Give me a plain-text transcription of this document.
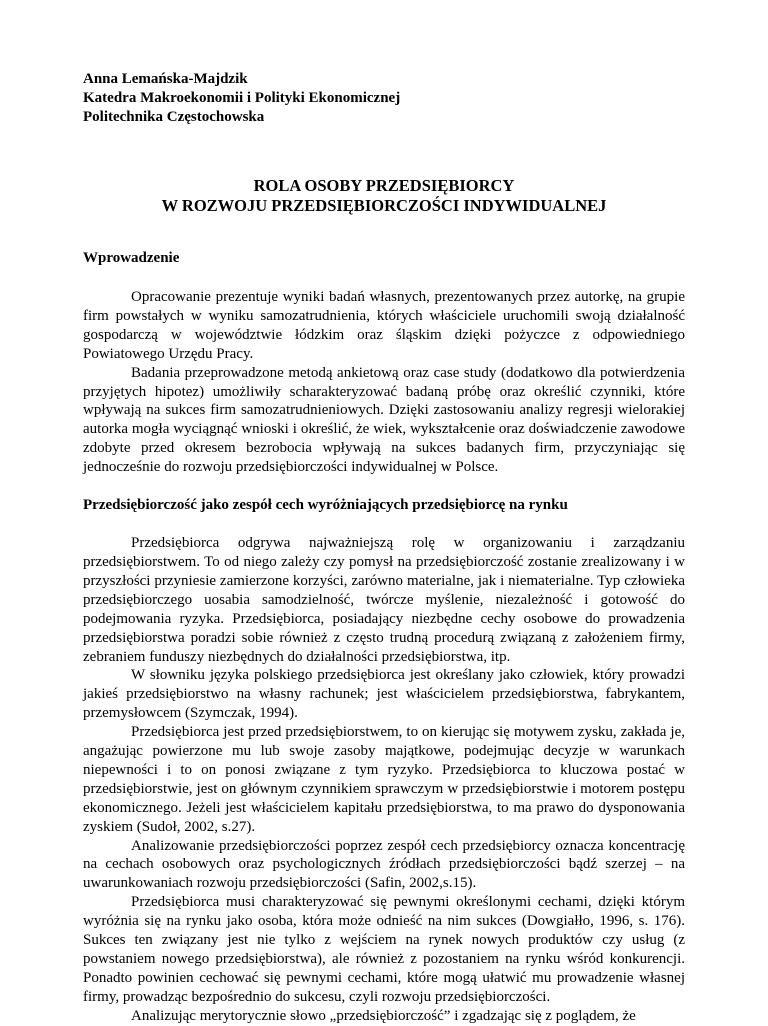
Anna Lemańska-Majdzik

Katedra Makroekonomii i Polityki Ekonomicznej

Politechnika Częstochowska

ROLA OSOBY PRZEDSIĘBIORCY

W ROZWOJU PRZEDSIĘBIORCZOŚCI INDYWIDUALNEJ

Wprowadzenie

Opracowanie prezentuje wyniki badań własnych, prezentowanych przez autorkę, na grupie firm powstałych w wyniku samozatrudnienia, których właściciele uruchomili swoją działalność gospodarczą w województwie łódzkim oraz śląskim dzięki pożyczce z odpowiedniego Powiatowego Urzędu Pracy.

Badania przeprowadzone metodą ankietową oraz case study (dodatkowo dla potwierdzenia przyjętych hipotez) umożliwiły scharakteryzować badaną próbę oraz określić czynniki, które wpływają na sukces firm samozatrudnieniowych. Dzięki zastosowaniu analizy regresji wielorakiej autorka mogła wyciągnąć wnioski i określić, że wiek, wykształcenie oraz doświadczenie zawodowe zdobyte przed okresem bezrobocia wpływają na sukces badanych firm, przyczyniając się jednocześnie do rozwoju przedsiębiorczości indywidualnej w Polsce.

Przedsiębiorczość jako zespół cech wyróżniających przedsiębiorcę na rynku

Przedsiębiorca odgrywa najważniejszą rolę w organizowaniu i zarządzaniu przedsiębiorstwem. To od niego zależy czy pomysł na przedsiębiorczość zostanie zrealizowany i w przyszłości przyniesie zamierzone korzyści, zarówno materialne, jak i niematerialne. Typ człowieka przedsiębiorczego uosabia samodzielność, twórcze myślenie, niezależność i gotowość do podejmowania ryzyka. Przedsiębiorca, posiadający niezbędne cechy osobowe do prowadzenia przedsiębiorstwa poradzi sobie również z często trudną procedurą związaną z założeniem firmy, zebraniem funduszy niezbędnych do działalności przedsiębiorstwa, itp.

W słowniku języka polskiego przedsiębiorca jest określany jako człowiek, który prowadzi jakieś przedsiębiorstwo na własny rachunek; jest właścicielem przedsiębiorstwa, fabrykantem, przemysłowcem (Szymczak, 1994).

Przedsiębiorca jest przed przedsiębiorstwem, to on kierując się motywem zysku, zakłada je, angażując powierzone mu lub swoje zasoby majątkowe, podejmując decyzje w warunkach niepewności i to on ponosi związane z tym ryzyko. Przedsiębiorca to kluczowa postać w przedsiębiorstwie, jest on głównym czynnikiem sprawczym w przedsiębiorstwie i motorem postępu ekonomicznego. Jeżeli jest właścicielem kapitału przedsiębiorstwa, to ma prawo do dysponowania zyskiem (Sudoł, 2002, s.27).

Analizowanie przedsiębiorczości poprzez zespół cech przedsiębiorcy oznacza koncentrację na cechach osobowych oraz psychologicznych źródłach przedsiębiorczości bądź szerzej – na uwarunkowaniach rozwoju przedsiębiorczości (Safin, 2002,s.15).

Przedsiębiorca musi charakteryzować się pewnymi określonymi cechami, dzięki którym wyróżnia się na rynku jako osoba, która może odnieść na nim sukces (Dowgiałło, 1996, s. 176). Sukces ten związany jest nie tylko z wejściem na rynek nowych produktów czy usług (z powstaniem nowego przedsiębiorstwa), ale również z pozostaniem na rynku wśród konkurencji. Ponadto powinien cechować się pewnymi cechami, które mogą ułatwić mu prowadzenie własnej firmy, prowadząc bezpośrednio do sukcesu, czyli rozwoju przedsiębiorczości.

Analizując merytorycznie słowo „przedsiębiorczość” i zgadzając się z poglądem, że
